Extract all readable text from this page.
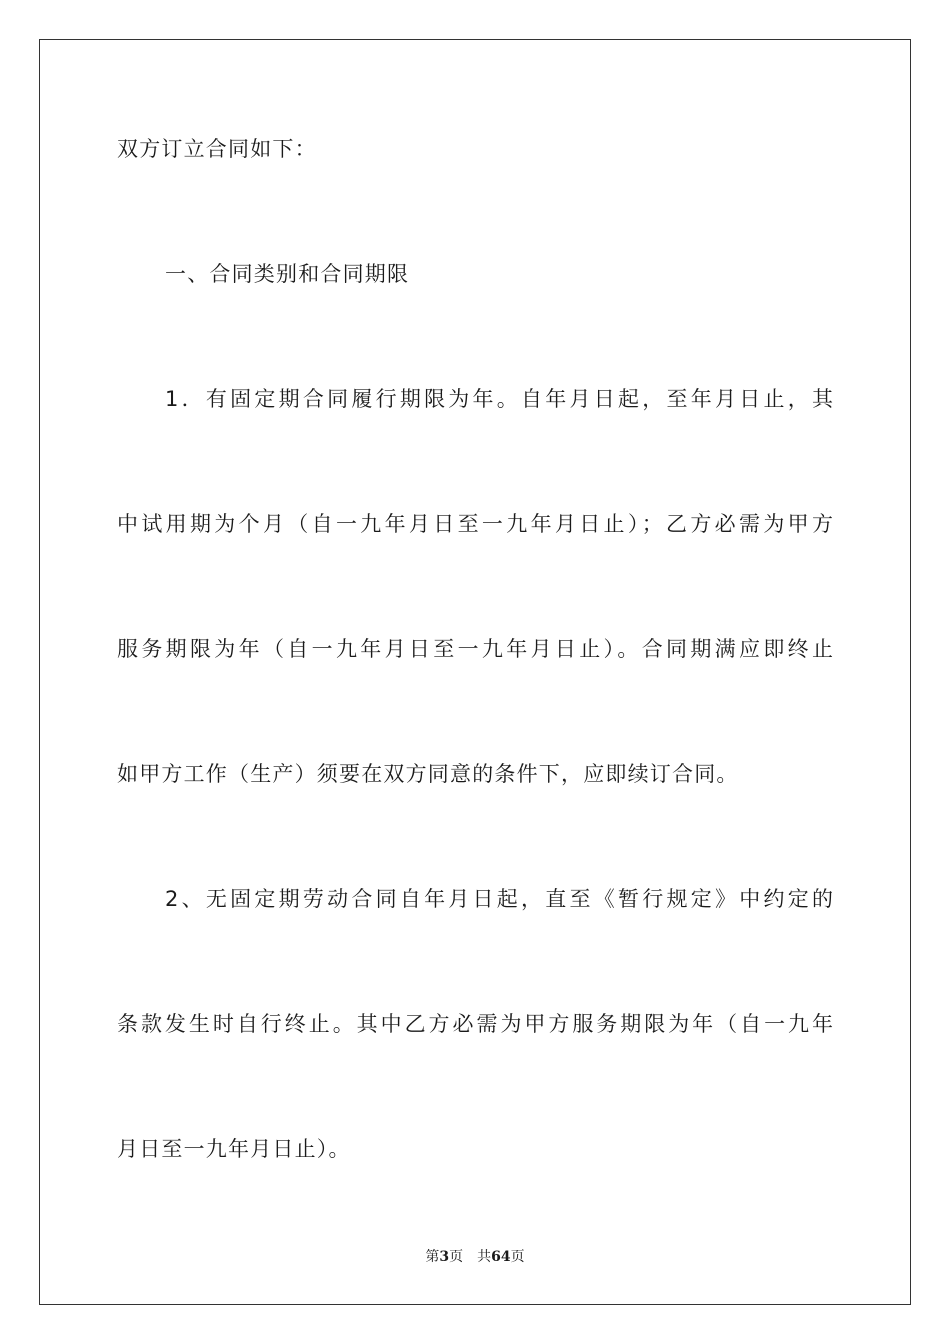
双方订立合同如下：
一、合同类别和合同期限
1．有固定期合同履行期限为年。自年月日起，至年月日止，其
中试用期为个月（自一九年月日至一九年月日止）；乙方必需为甲方
服务期限为年（自一九年月日至一九年月日止）。合同期满应即终止
如甲方工作（生产）须要在双方同意的条件下，应即续订合同。
2、无固定期劳动合同自年月日起，直至《暂行规定》中约定的
条款发生时自行终止。其中乙方必需为甲方服务期限为年（自一九年
月日至一九年月日止）。
第3页 共64页
